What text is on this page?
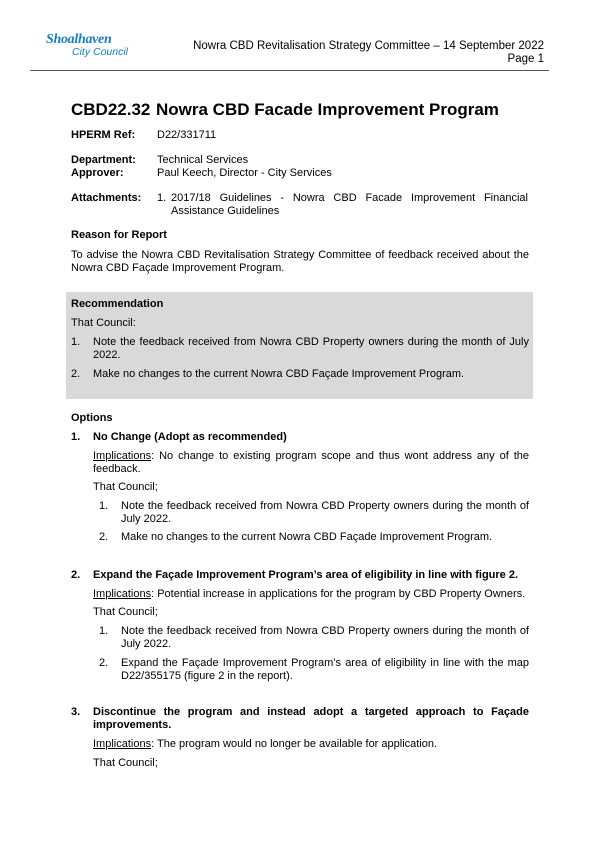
Shoalhaven
City Council	Nowra CBD Revitalisation Strategy Committee – 14 September 2022
Page 1
CBD22.32 Nowra CBD Facade Improvement Program
HPERM Ref: D22/331711
Department: Technical Services
Approver:	Paul Keech, Director - City Services
Attachments:	1. 2017/18 Guidelines - Nowra CBD Facade Improvement Financial Assistance Guidelines
Reason for Report
To advise the Nowra CBD Revitalisation Strategy Committee of feedback received about the Nowra CBD Façade Improvement Program.
Recommendation
That Council:
1.	Note the feedback received from Nowra CBD Property owners during the month of July 2022.
2.	Make no changes to the current Nowra CBD Façade Improvement Program.
Options
1.	No Change (Adopt as recommended)
Implications: No change to existing program scope and thus wont address any of the feedback.
That Council;
1.	Note the feedback received from Nowra CBD Property owners during the month of July 2022.
2.	Make no changes to the current Nowra CBD Façade Improvement Program.
2.	Expand the Façade Improvement Program’s area of eligibility in line with figure 2.
Implications: Potential increase in applications for the program by CBD Property Owners.
That Council;
1.	Note the feedback received from Nowra CBD Property owners during the month of July 2022.
2.	Expand the Façade Improvement Program’s area of eligibility in line with the map D22/355175 (figure 2 in the report).
3.	Discontinue the program and instead adopt a targeted approach to Façade improvements.
Implications: The program would no longer be available for application.
That Council;
